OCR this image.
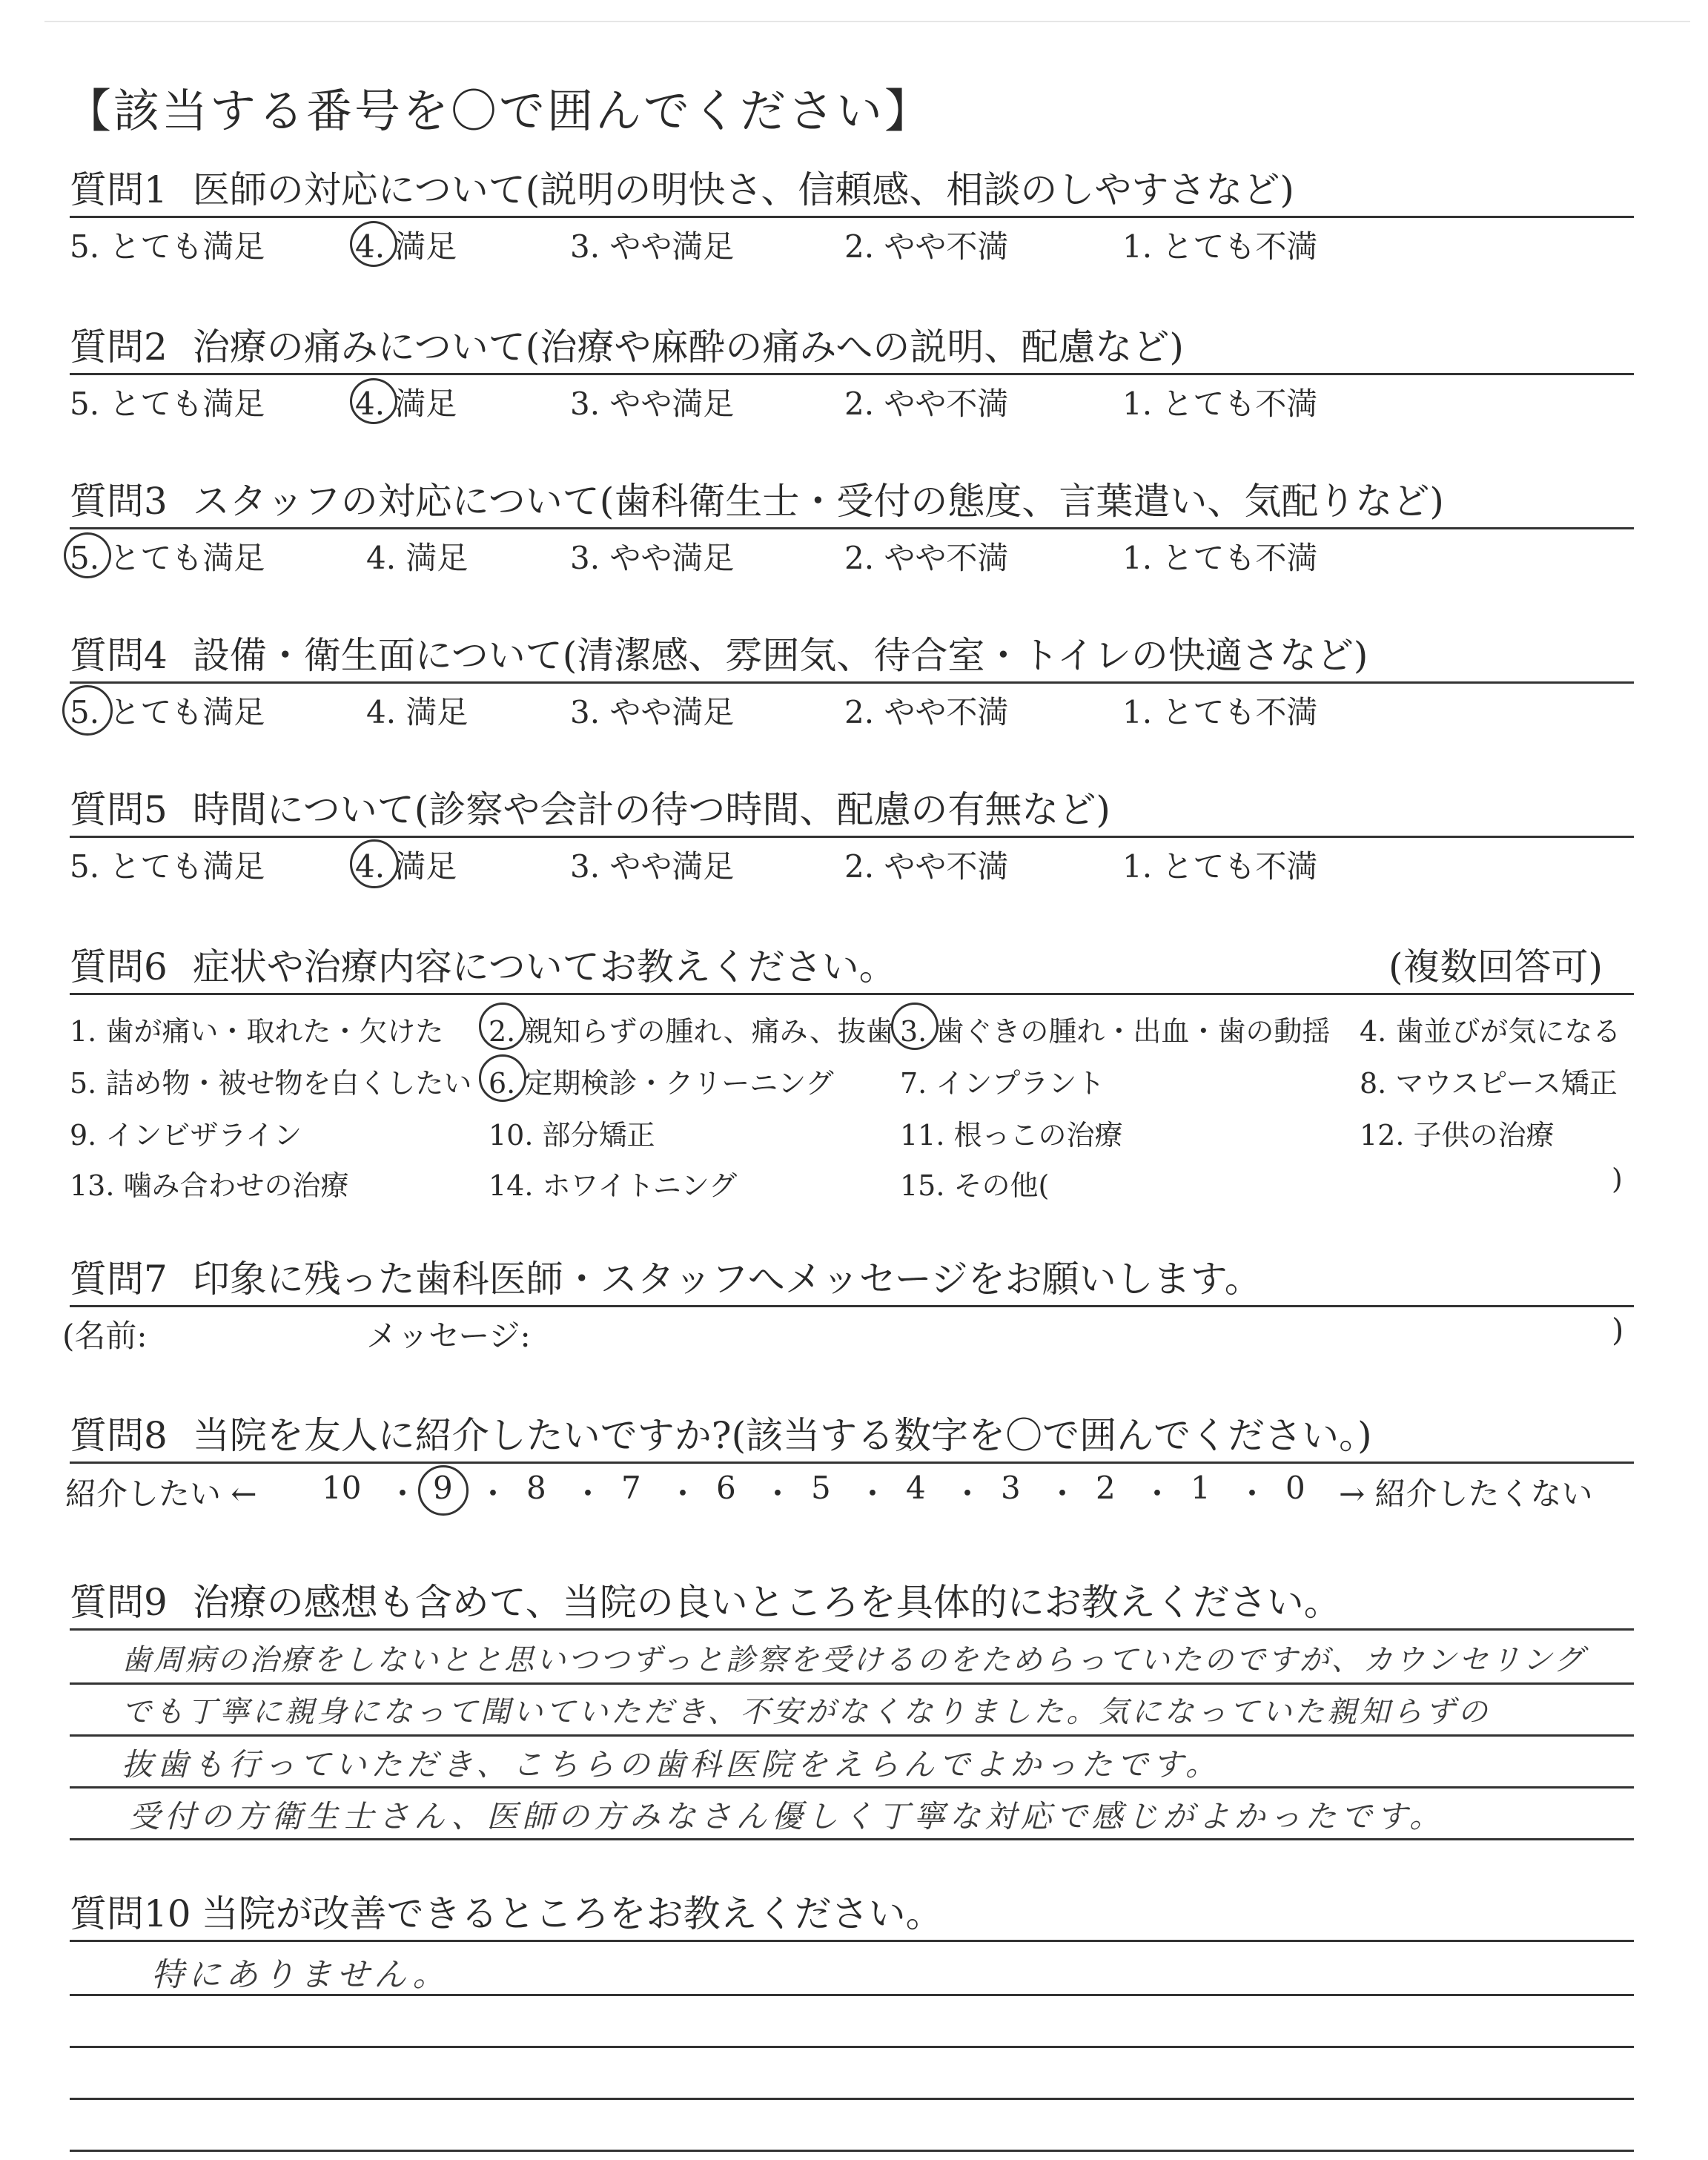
【該当する番号を〇で囲んでください】
質問1 医師の対応について(説明の明快さ、信頼感、相談のしやすさなど)
5. とても満足	4. 満足	3. やや満足	2. やや不満	1. とても不満
質問2 治療の痛みについて(治療や麻酔の痛みへの説明、配慮など)
5. とても満足	4. 満足	3. やや満足	2. やや不満	1. とても不満
質問3 スタッフの対応について(歯科衛生士・受付の態度、言葉遣い、気配りなど)
5. とても満足	4. 満足	3. やや満足	2. やや不満	1. とても不満
質問4 設備・衛生面について(清潔感、雰囲気、待合室・トイレの快適さなど)
5. とても満足	4. 満足	3. やや満足	2. やや不満	1. とても不満
質問5 時間について(診察や会計の待つ時間、配慮の有無など)
5. とても満足	4. 満足	3. やや満足	2. やや不満	1. とても不満
質問6 症状や治療内容についてお教えください。	(複数回答可)
1. 歯が痛い・取れた・欠けた 2. 親知らずの腫れ、痛み、抜歯 3. 歯ぐきの腫れ・出血・歯の動揺 4. 歯並びが気になる
5. 詰め物・被せ物を白くしたい 6. 定期検診・クリーニング 7. インプラント	8. マウスピース矯正
9. インビザライン	10. 部分矯正	11. 根っこの治療	12. 子供の治療
13. 噛み合わせの治療	14. ホワイトニング	15. その他(	)
質問7 印象に残った歯科医師・スタッフへメッセージをお願いします。
(名前:	メッセージ:	)
質問8 当院を友人に紹介したいですか?(該当する数字を〇で囲んでください。)
紹介したい ← 10 ・ 9 ・ 8 ・ 7 ・ 6 ・ 5 ・ 4 ・ 3 ・ 2 ・ 1 ・ 0 → 紹介したくない
質問9 治療の感想も含めて、当院の良いところを具体的にお教えください。
歯周病の治療をしないとと思いつつずっと診察を受けるのをためらっていたのですが、カウンセリング
でも丁寧に親身になって聞いていただき、不安がなくなりました。気になっていた親知らずの
抜歯も行っていただき、こちらの歯科医院をえらんでよかったです。
受付の方衛生士さん、医師の方みなさん優しく丁寧な対応で感じがよかったです。
質問10 当院が改善できるところをお教えください。
特にありません。
